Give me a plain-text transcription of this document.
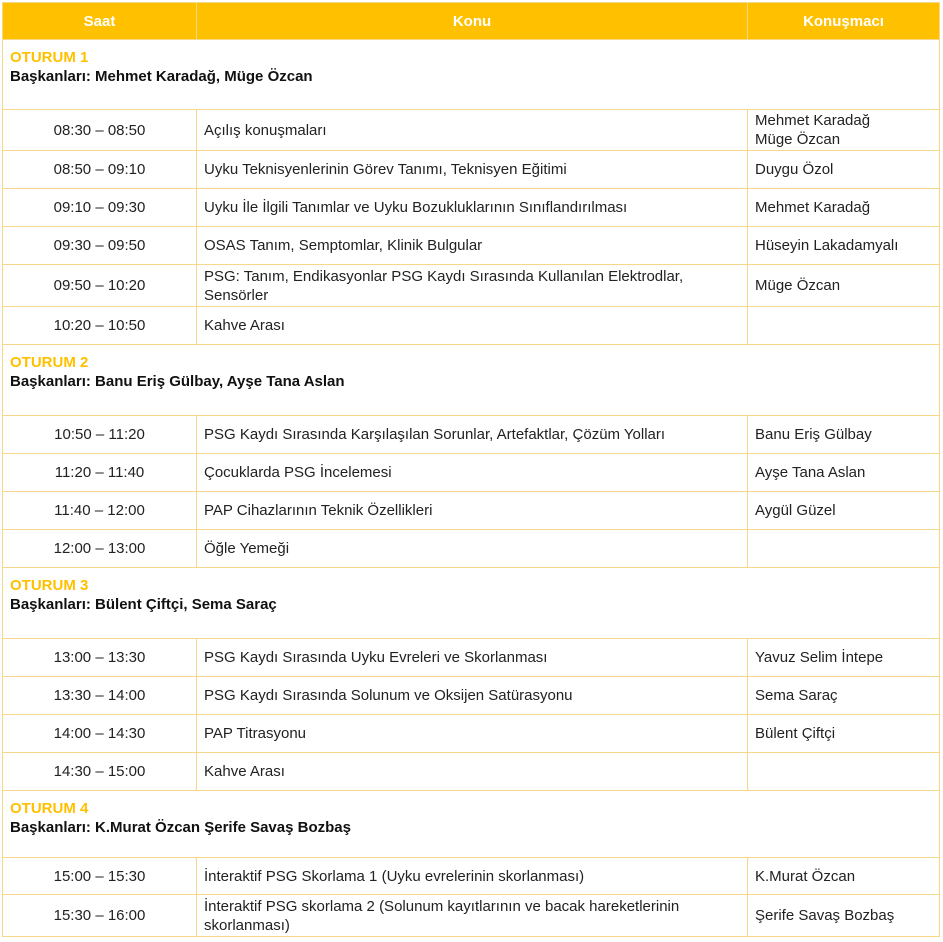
Saat	Konu	Konuşmacı

OTURUM 1
Başkanları: Mehmet Karadağ, Müge Özcan		

08:30 – 08:50	Açılış konuşmaları	Mehmet Karadağ
Müge Özcan

08:50 – 09:10	Uyku Teknisyenlerinin Görev Tanımı, Teknisyen Eğitimi	Duygu Özol
09:10 – 09:30	Uyku İle İlgili Tanımlar ve Uyku Bozukluklarının Sınıflandırılması	Mehmet Karadağ
09:30 – 09:50	OSAS Tanım, Semptomlar, Klinik Bulgular	Hüseyin Lakadamyalı
09:50 – 10:20	PSG: Tanım, Endikasyonlar PSG Kaydı Sırasında Kullanılan Elektrodlar,
Sensörler	Müge Özcan
10:20 – 10:50	Kahve Arası	

OTURUM 2
Başkanları: Banu Eriş Gülbay, Ayşe Tana Aslan		

10:50 – 11:20	PSG Kaydı Sırasında Karşılaşılan Sorunlar, Artefaktlar, Çözüm Yolları	Banu Eriş Gülbay
11:20 – 11:40	Çocuklarda PSG İncelemesi	Ayşe Tana Aslan
11:40 – 12:00	PAP Cihazlarının Teknik Özellikleri	Aygül Güzel
12:00 – 13:00	Öğle Yemeği	

OTURUM 3
Başkanları: Bülent Çiftçi, Sema Saraç		

13:00 – 13:30	PSG Kaydı Sırasında Uyku Evreleri ve Skorlanması	Yavuz Selim İntepe
13:30 – 14:00	PSG Kaydı Sırasında Solunum ve Oksijen Satürasyonu	Sema Saraç
14:00 – 14:30	PAP Titrasyonu	Bülent Çiftçi
14:30 – 15:00	Kahve Arası	

OTURUM 4
Başkanları: K.Murat Özcan Şerife Savaş Bozbaş		

15:00 – 15:30	İnteraktif PSG Skorlama 1 (Uyku evrelerinin skorlanması)	K.Murat Özcan
15:30 – 16:00	İnteraktif PSG skorlama 2 (Solunum kayıtlarının ve bacak hareketlerinin
skorlanması)	Şerife Savaş Bozbaş
